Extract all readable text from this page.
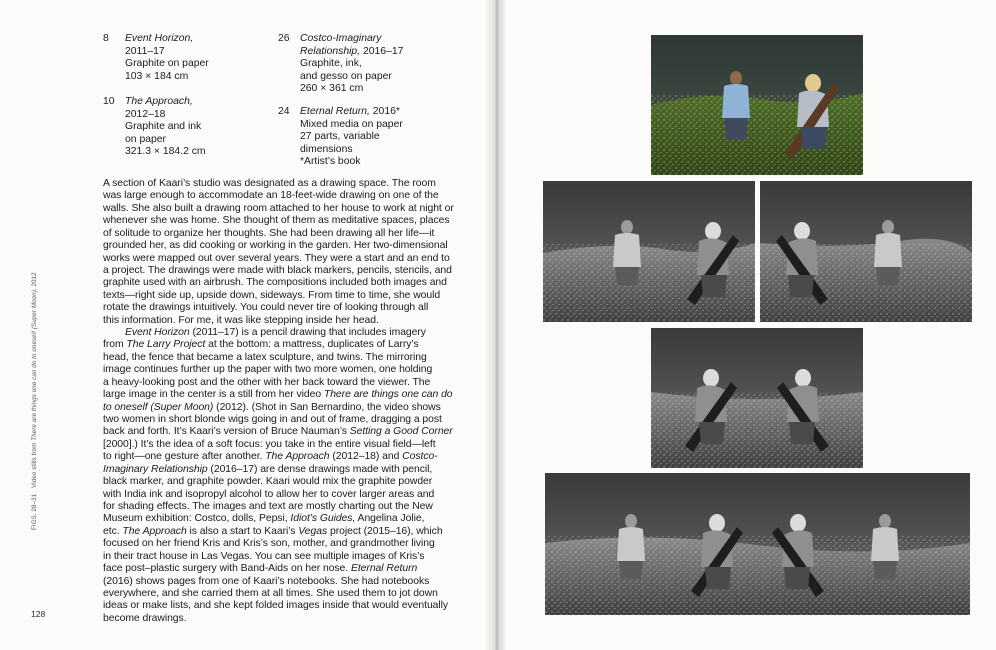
8 Event Horizon,
2011–17
Graphite on paper
103 × 184 cm
10 The Approach,
2012–18
Graphite and ink
on paper
321.3 × 184.2 cm
26 Costco-Imaginary
Relationship, 2016–17
Graphite, ink,
and gesso on paper
260 × 361 cm
24 Eternal Return, 2016*
Mixed media on paper
27 parts, variable
dimensions
*Artist’s book

A section of Kaari’s studio was designated as a drawing space. The room
was large enough to accommodate an 18-feet-wide drawing on one of the
walls. She also built a drawing room attached to her house to work at night or
whenever she was home. She thought of them as meditative spaces, places
of solitude to organize her thoughts. She had been drawing all her life—it
grounded her, as did cooking or working in the garden. Her two-dimensional
works were mapped out over several years. They were a start and an end to
a project. The drawings were made with black markers, pencils, stencils, and
graphite used with an airbrush. The compositions included both images and
texts—right side up, upside down, sideways. From time to time, she would
rotate the drawings intuitively. You could never tire of looking through all
this information. For me, it was like stepping inside her head.

Event Horizon (2011–17) is a pencil drawing that includes imagery
from The Larry Project at the bottom: a mattress, duplicates of Larry’s
head, the fence that became a latex sculpture, and twins. The mirroring
image continues further up the paper with two more women, one holding
a heavy-looking post and the other with her back toward the viewer. The
large image in the center is a still from her video There are things one can do
to oneself (Super Moon) (2012). (Shot in San Bernardino, the video shows
two women in short blonde wigs going in and out of frame, dragging a post
back and forth. It’s Kaari’s version of Bruce Nauman’s Setting a Good Corner
[2000].) It’s the idea of a soft focus: you take in the entire visual field—left
to right—one gesture after another. The Approach (2012–18) and Costco-
Imaginary Relationship (2016–17) are dense drawings made with pencil,
black marker, and graphite powder. Kaari would mix the graphite powder
with India ink and isopropyl alcohol to allow her to cover larger areas and
for shading effects. The images and text are mostly charting out the New
Museum exhibition: Costco, dolls, Pepsi, Idiot’s Guides, Angelina Jolie,
etc. The Approach is also a start to Kaari’s Vegas project (2015–16), which
focused on her friend Kris and Kris’s son, mother, and grandmother living
in their tract house in Las Vegas. You can see multiple images of Kris’s
face post–plastic surgery with Band-Aids on her nose. Eternal Return
(2016) shows pages from one of Kaari’s notebooks. She had notebooks
everywhere, and she carried them at all times. She used them to jot down
ideas or make lists, and she kept folded images inside that would eventually
become drawings.

FIGS. 28–31Video stills from There are things one can do to oneself (Super Moon), 2012
128
